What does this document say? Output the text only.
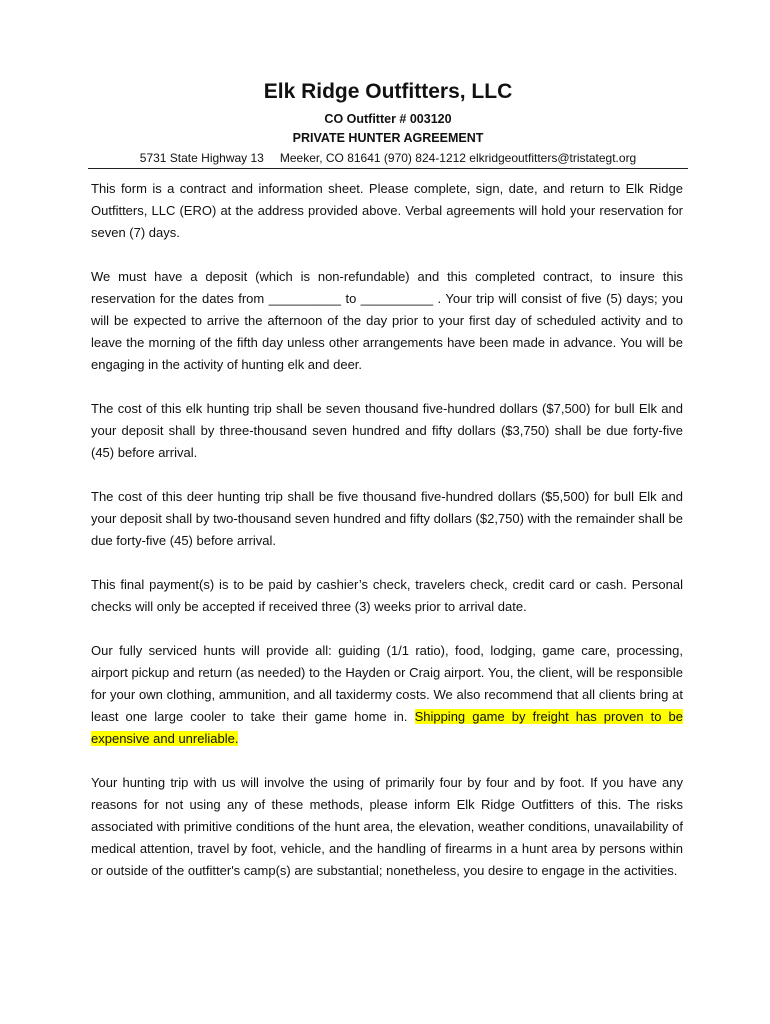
Elk Ridge Outfitters, LLC
CO Outfitter # 003120
PRIVATE HUNTER AGREEMENT
5731 State Highway 13 Meeker, CO 81641 (970) 824-1212 elkridgeoutfitters@tristategt.org

This form is a contract and information sheet. Please complete, sign, date, and return to Elk Ridge Outfitters, LLC (ERO) at the address provided above. Verbal agreements will hold your reservation for seven (7) days.

We must have a deposit (which is non-refundable) and this completed contract, to insure this reservation for the dates from __________ to __________ . Your trip will consist of five (5) days; you will be expected to arrive the afternoon of the day prior to your first day of scheduled activity and to leave the morning of the fifth day unless other arrangements have been made in advance. You will be engaging in the activity of hunting elk and deer.

The cost of this elk hunting trip shall be seven thousand five-hundred dollars ($7,500) for bull Elk and your deposit shall by three-thousand seven hundred and fifty dollars ($3,750) shall be due forty-five (45) before arrival.

The cost of this deer hunting trip shall be five thousand five-hundred dollars ($5,500) for bull Elk and your deposit shall by two-thousand seven hundred and fifty dollars ($2,750) with the remainder shall be due forty-five (45) before arrival.

This final payment(s) is to be paid by cashier’s check, travelers check, credit card or cash. Personal checks will only be accepted if received three (3) weeks prior to arrival date.

Our fully serviced hunts will provide all: guiding (1/1 ratio), food, lodging, game care, processing, airport pickup and return (as needed) to the Hayden or Craig airport. You, the client, will be responsible for your own clothing, ammunition, and all taxidermy costs. We also recommend that all clients bring at least one large cooler to take their game home in. Shipping game by freight has proven to be expensive and unreliable.

Your hunting trip with us will involve the using of primarily four by four and by foot. If you have any reasons for not using any of these methods, please inform Elk Ridge Outfitters of this. The risks associated with primitive conditions of the hunt area, the elevation, weather conditions, unavailability of medical attention, travel by foot, vehicle, and the handling of firearms in a hunt area by persons within or outside of the outfitter's camp(s) are substantial; nonetheless, you desire to engage in the activities.
